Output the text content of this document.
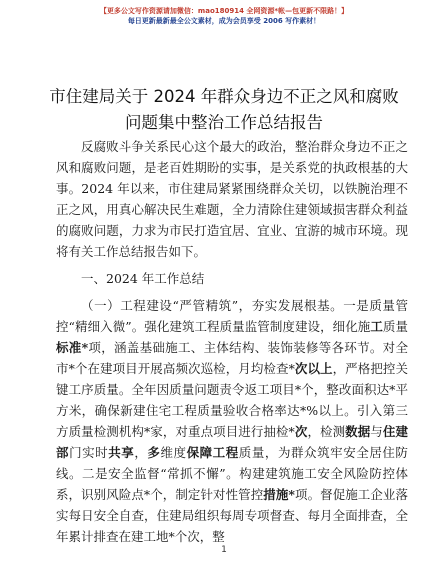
【更多公文写作资源请加微信：mao180914 全网资源*帐—包更新不限路！】
每日更新最新最全公文素材，成为会员享受 2006 写作素材！
市住建局关于 2024 年群众身边不正之风和腐败
问题集中整治工作总结报告

反腐败斗争关系民心这个最大的政治，整治群众身边不正之风和腐败问题，是老百姓期盼的实事，是关系党的执政根基的大事。2024 年以来，市住建局紧紧围绕群众关切，以铁腕治理不正之风，用真心解决民生难题，全力清除住建领域损害群众利益的腐败问题，力求为市民打造宜居、宜业、宜游的城市环境。现将有关工作总结报告如下。

一、2024 年工作总结

（一）工程建设“严管精筑”，夯实发展根基。一是质量管控“精细入微”。强化建筑工程质量监管制度建设，细化施工质量标准*项，涵盖基础施工、主体结构、装饰装修等各环节。对全市*个在建项目开展高频次巡检，月均检查*次以上，严格把控关键工序质量。全年因质量问题责令返工项目*个，整改面积达*平方米，确保新建住宅工程质量验收合格率达*%以上。引入第三方质量检测机构*家，对重点项目进行抽检*次，检测数据与住建部门实时共享，多维度保障工程质量，为群众筑牢安全居住防线。二是安全监督“常抓不懈”。构建建筑施工安全风险防控体系，识别风险点*个，制定针对性管控措施*项。督促施工企业落实每日安全自查，住建局组织每周专项督查、每月全面排查，全年累计排查在建工地*个次，整

1
